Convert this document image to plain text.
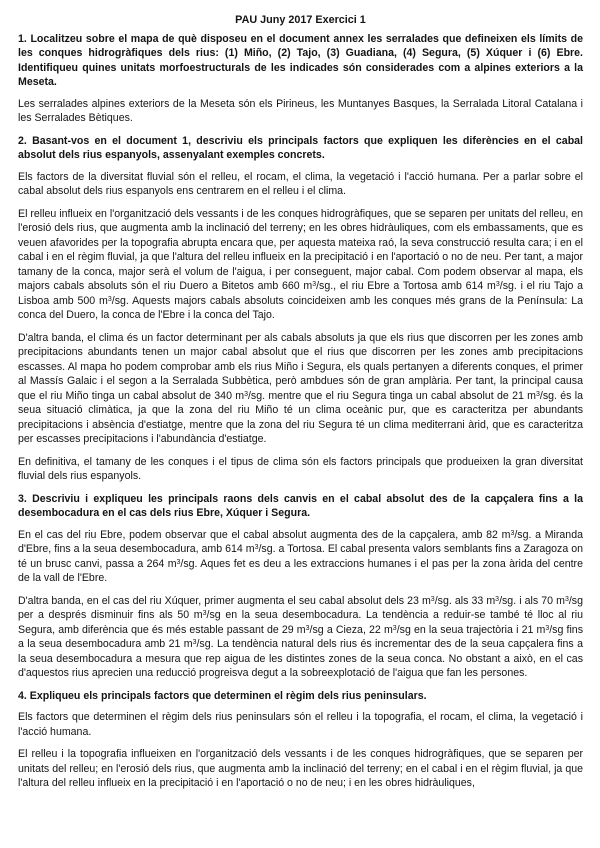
PAU Juny 2017 Exercici 1
1. Localitzeu sobre el mapa de què disposeu en el document annex les serralades que defineixen els límits de les conques hidrogràfiques dels rius: (1) Miño, (2) Tajo, (3) Guadiana, (4) Segura, (5) Xúquer i (6) Ebre. Identifiqueu quines unitats morfoestructurals de les indicades són considerades com a alpines exteriors a la Meseta.
Les serralades alpines exteriors de la Meseta són els Pirineus, les Muntanyes Basques, la Serralada Litoral Catalana i les Serralades Bètiques.
2. Basant-vos en el document 1, descriviu els principals factors que expliquen les diferències en el cabal absolut dels rius espanyols, assenyalant exemples concrets.
Els factors de la diversitat fluvial són el relleu, el rocam, el clima, la vegetació i l'acció humana. Per a parlar sobre el cabal absolut dels rius espanyols ens centrarem en el relleu i el clima.
El relleu influeix en l'organització dels vessants i de les conques hidrogràfiques, que se separen per unitats del relleu, en l'erosió dels rius, que augmenta amb la inclinació del terreny; en les obres hidràuliques, com els embassaments, que es veuen afavorides per la topografia abrupta encara que, per aquesta mateixa raó, la seva construcció resulta cara; i en el cabal i en el règim fluvial, ja que l'altura del relleu influeix en la precipitació i en l'aportació o no de neu. Per tant, a major tamany de la conca, major serà el volum de l'aigua, i per conseguent, major cabal. Com podem observar al mapa, els majors cabals absoluts són el riu Duero a Bitetos amb 660 $m^3/sg$., el riu Ebre a Tortosa amb 614 $m^3/sg$. i el riu Tajo a Lisboa amb 500 $m^3/sg$. Aquests majors cabals absoluts coincideixen amb les conques més grans de la Península: La conca del Duero, la conca de l'Ebre i la conca del Tajo.
D'altra banda, el clima és un factor determinant per als cabals absoluts ja que els rius que discorren per les zones amb precipitacions abundants tenen un major cabal absolut que el rius que discorren per les zones amb precipitacions escasses. Al mapa ho podem comprobar amb els rius Miño i Segura, els quals pertanyen a diferents conques, el primer al Massís Galaic i el segon a la Serralada Subbètica, però ambdues són de gran amplària. Per tant, la principal causa que el riu Miño tinga un cabal absolut de 340 $m^3/sg$. mentre que el riu Segura tinga un cabal absolut de 21 $m^3/sg$. és la seua situació climàtica, ja que la zona del riu Miño té un clima oceànic pur, que es caracteritza per abundants precipitacions i absència d'estiatge, mentre que la zona del riu Segura té un clima mediterrani àrid, que es caracteritza per escasses precipitacions i l'abundància d'estiatge.
En definitiva, el tamany de les conques i el tipus de clima són els factors principals que produeixen la gran diversitat fluvial dels rius espanyols.
3. Descriviu i expliqueu les principals raons dels canvis en el cabal absolut des de la capçalera fins a la desembocadura en el cas dels rius Ebre, Xúquer i Segura.
En el cas del riu Ebre, podem observar que el cabal absolut augmenta des de la capçalera, amb 82 $m^3/sg$. a Miranda d'Ebre, fins a la seua desembocadura, amb 614 $m^3/sg$. a Tortosa. El cabal presenta valors semblants fins a Zaragoza on té un brusc canvi, passa a 264 $m^3/sg$. Aques fet es deu a les extraccions humanes i el pas per la zona àrida del centre de la vall de l'Ebre.
D'altra banda, en el cas del riu Xúquer, primer augmenta el seu cabal absolut dels 23 $m^3/sg$. als 33 $m^3/sg$. i als 70 $m^3/sg$ per a després disminuir fins als 50 $m^3/sg$ en la seua desembocadura. La tendència a reduir-se també té lloc al riu Segura, amb diferència que és més estable passant de 29 $m^3/sg$ a Cieza, 22 $m^3/sg$ en la seua trajectòria i 21 $m^3/sg$ fins a la seua desembocadura amb 21 $m^3/sg$. La tendència natural dels rius és incrementar des de la seua capçalera fins a la seua desembocadura a mesura que rep aigua de les distintes zones de la seua conca. No obstant a això, en el cas d'aquestos rius aprecien una reducció progreisva degut a la sobreexplotació de l'aigua que fan les persones.
4. Expliqueu els principals factors que determinen el règim dels rius peninsulars.
Els factors que determinen el règim dels rius peninsulars són el relleu i la topografia, el rocam, el clima, la vegetació i l'acció humana.
El relleu i la topografia influeixen en l'organització dels vessants i de les conques hidrogràfiques, que se separen per unitats del relleu; en l'erosió dels rius, que augmenta amb la inclinació del terreny; en el cabal i en el règim fluvial, ja que l'altura del relleu influeix en la precipitació i en l'aportació o no de neu; i en les obres hidràuliques,
